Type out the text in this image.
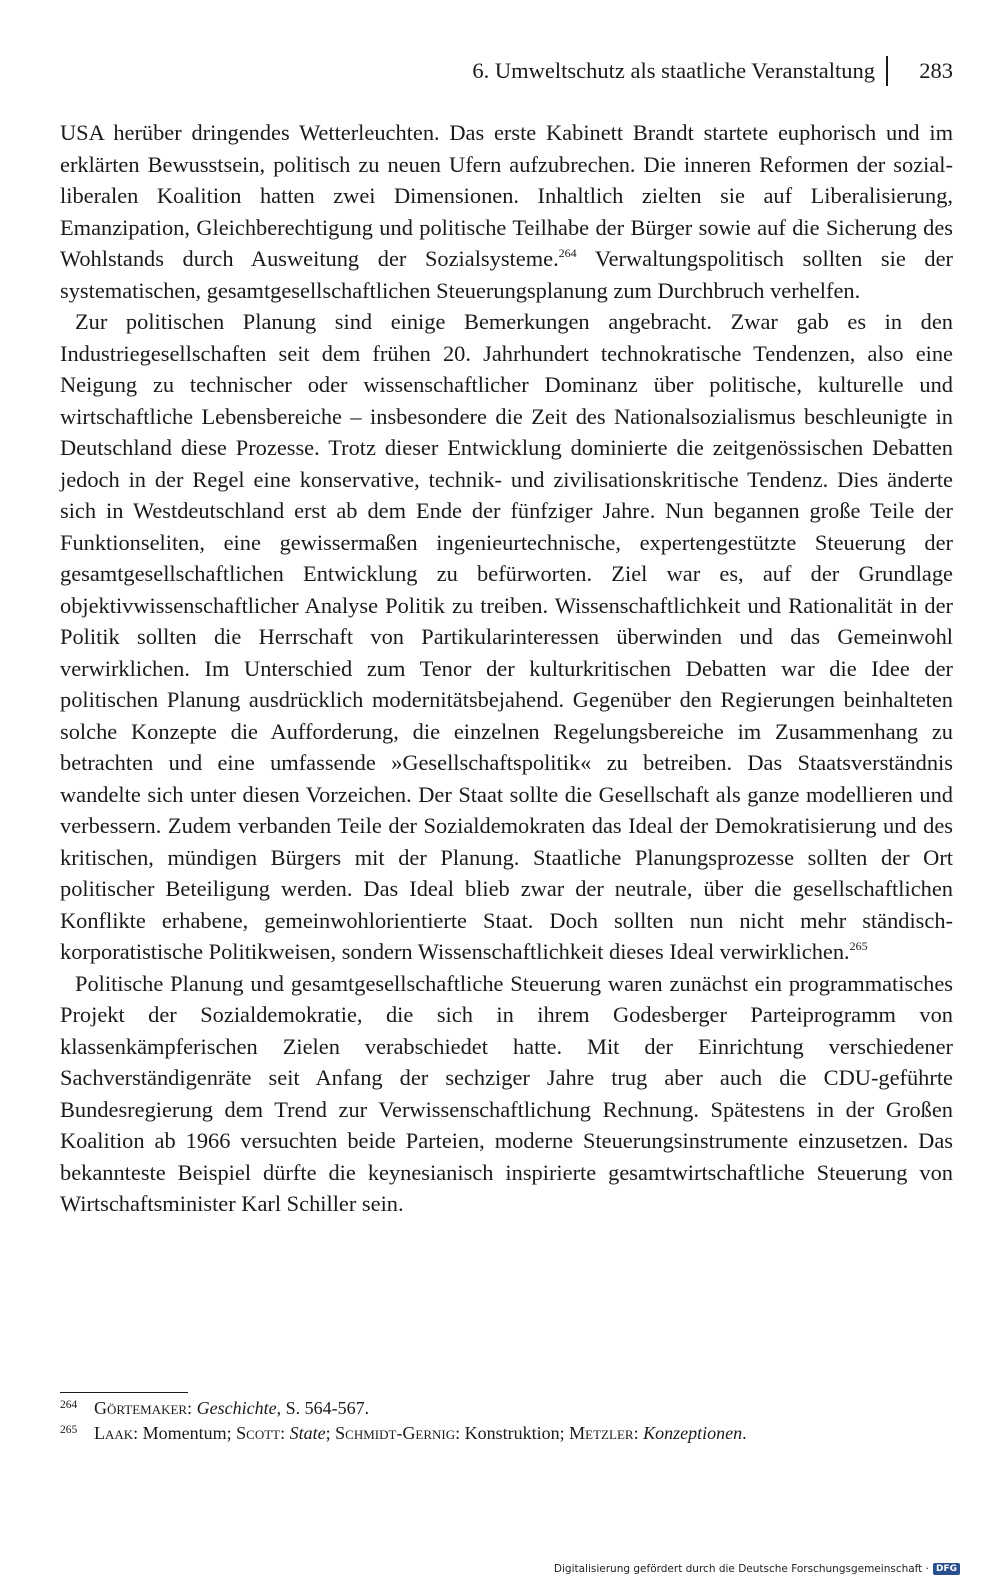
6. Umweltschutz als staatliche Veranstaltung 283

USA herüber dringendes Wetterleuchten. Das erste Kabinett Brandt startete euphorisch und im erklärten Bewusstsein, politisch zu neuen Ufern aufzubrechen. Die inneren Reformen der sozial-liberalen Koalition hatten zwei Dimensionen. Inhaltlich zielten sie auf Liberalisierung, Emanzipation, Gleichberechtigung und politische Teilhabe der Bürger sowie auf die Sicherung des Wohlstands durch Ausweitung der Sozialsysteme.$^{264}$ Verwaltungspolitisch sollten sie der systematischen, gesamtgesellschaftlichen Steuerungsplanung zum Durchbruch verhelfen.

Zur politischen Planung sind einige Bemerkungen angebracht. Zwar gab es in den Industriegesellschaften seit dem frühen 20. Jahrhundert technokratische Tendenzen, also eine Neigung zu technischer oder wissenschaftlicher Dominanz über politische, kulturelle und wirtschaftliche Lebensbereiche – insbesondere die Zeit des Nationalsozialismus beschleunigte in Deutschland diese Prozesse. Trotz dieser Entwicklung dominierte die zeitgenössischen Debatten jedoch in der Regel eine konservative, technik- und zivilisationskritische Tendenz. Dies änderte sich in Westdeutschland erst ab dem Ende der fünfziger Jahre. Nun begannen große Teile der Funktionseliten, eine gewissermaßen ingenieurtechnische, expertengestützte Steuerung der gesamtgesellschaftlichen Entwicklung zu befürworten. Ziel war es, auf der Grundlage objektivwissenschaftlicher Analyse Politik zu treiben. Wissenschaftlichkeit und Rationalität in der Politik sollten die Herrschaft von Partikularinteressen überwinden und das Gemeinwohl verwirklichen. Im Unterschied zum Tenor der kulturkritischen Debatten war die Idee der politischen Planung ausdrücklich modernitätsbejahend. Gegenüber den Regierungen beinhalteten solche Konzepte die Aufforderung, die einzelnen Regelungsbereiche im Zusammenhang zu betrachten und eine umfassende »Gesellschaftspolitik« zu betreiben. Das Staatsverständnis wandelte sich unter diesen Vorzeichen. Der Staat sollte die Gesellschaft als ganze modellieren und verbessern. Zudem verbanden Teile der Sozialdemokraten das Ideal der Demokratisierung und des kritischen, mündigen Bürgers mit der Planung. Staatliche Planungsprozesse sollten der Ort politischer Beteiligung werden. Das Ideal blieb zwar der neutrale, über die gesellschaftlichen Konflikte erhabene, gemeinwohlorientierte Staat. Doch sollten nun nicht mehr ständisch-korporatistische Politikweisen, sondern Wissenschaftlichkeit dieses Ideal verwirklichen.$^{265}$

Politische Planung und gesamtgesellschaftliche Steuerung waren zunächst ein programmatisches Projekt der Sozialdemokratie, die sich in ihrem Godesberger Parteiprogramm von klassenkämpferischen Zielen verabschiedet hatte. Mit der Einrichtung verschiedener Sachverständigenräte seit Anfang der sechziger Jahre trug aber auch die CDU-geführte Bundesregierung dem Trend zur Verwissenschaftlichung Rechnung. Spätestens in der Großen Koalition ab 1966 versuchten beide Parteien, moderne Steuerungsinstrumente einzusetzen. Das bekannteste Beispiel dürfte die keynesianisch inspirierte gesamtwirtschaftliche Steuerung von Wirtschaftsminister Karl Schiller sein.

264 Görtemaker: Geschichte, S. 564-567.
265 Laak: Momentum; Scott: State; Schmidt-Gernig: Konstruktion; Metzler: Konzeptionen.
Digitalisierung gefördert durch die Deutsche Forschungsgemeinschaft · DFG
